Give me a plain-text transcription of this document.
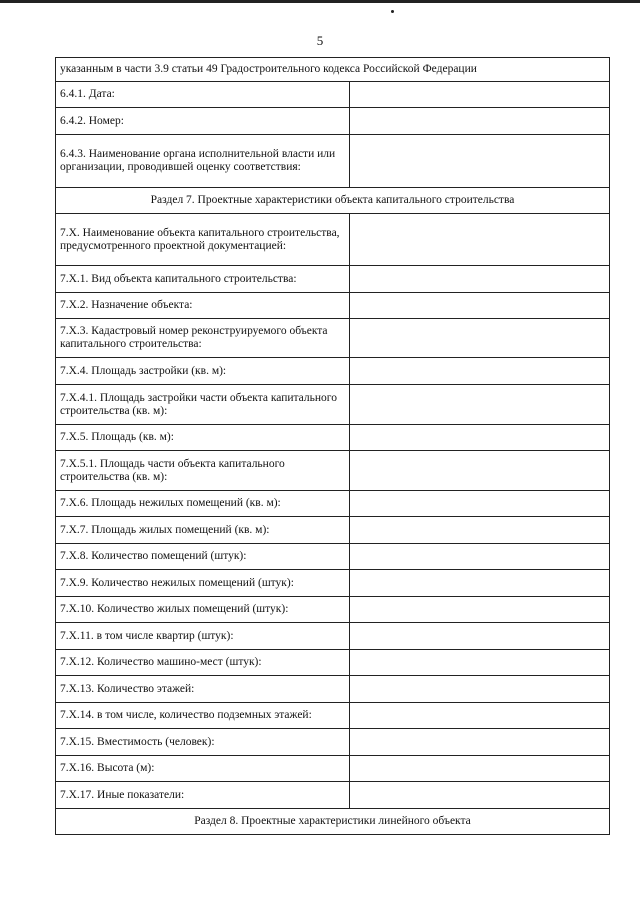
5
указанным в части 3.9 статьи 49 Градостроительного кодекса Российской Федерации	
6.4.1. Дата:	
6.4.2. Номер:	
6.4.3. Наименование органа исполнительной власти или организации, проводившей оценку соответствия:	
Раздел 7. Проектные характеристики объекта капитального строительства	
7.X. Наименование объекта капитального строительства, предусмотренного проектной документацией:	
7.X.1. Вид объекта капитального строительства:	
7.X.2. Назначение объекта:	
7.X.3. Кадастровый номер реконструируемого объекта капитального строительства:	
7.X.4. Площадь застройки (кв. м):	
7.X.4.1. Площадь застройки части объекта капитального строительства (кв. м):	
7.X.5. Площадь (кв. м):	
7.X.5.1. Площадь части объекта капитального строительства (кв. м):	
7.X.6. Площадь нежилых помещений (кв. м):	
7.X.7. Площадь жилых помещений (кв. м):	
7.X.8. Количество помещений (штук):	
7.X.9. Количество нежилых помещений (штук):	
7.X.10. Количество жилых помещений (штук):	
7.X.11. в том числе квартир (штук):	
7.X.12. Количество машино-мест (штук):	
7.X.13. Количество этажей:	
7.X.14. в том числе, количество подземных этажей:	
7.X.15. Вместимость (человек):	
7.X.16. Высота (м):	
7.X.17. Иные показатели:	
Раздел 8. Проектные характеристики линейного объекта	
